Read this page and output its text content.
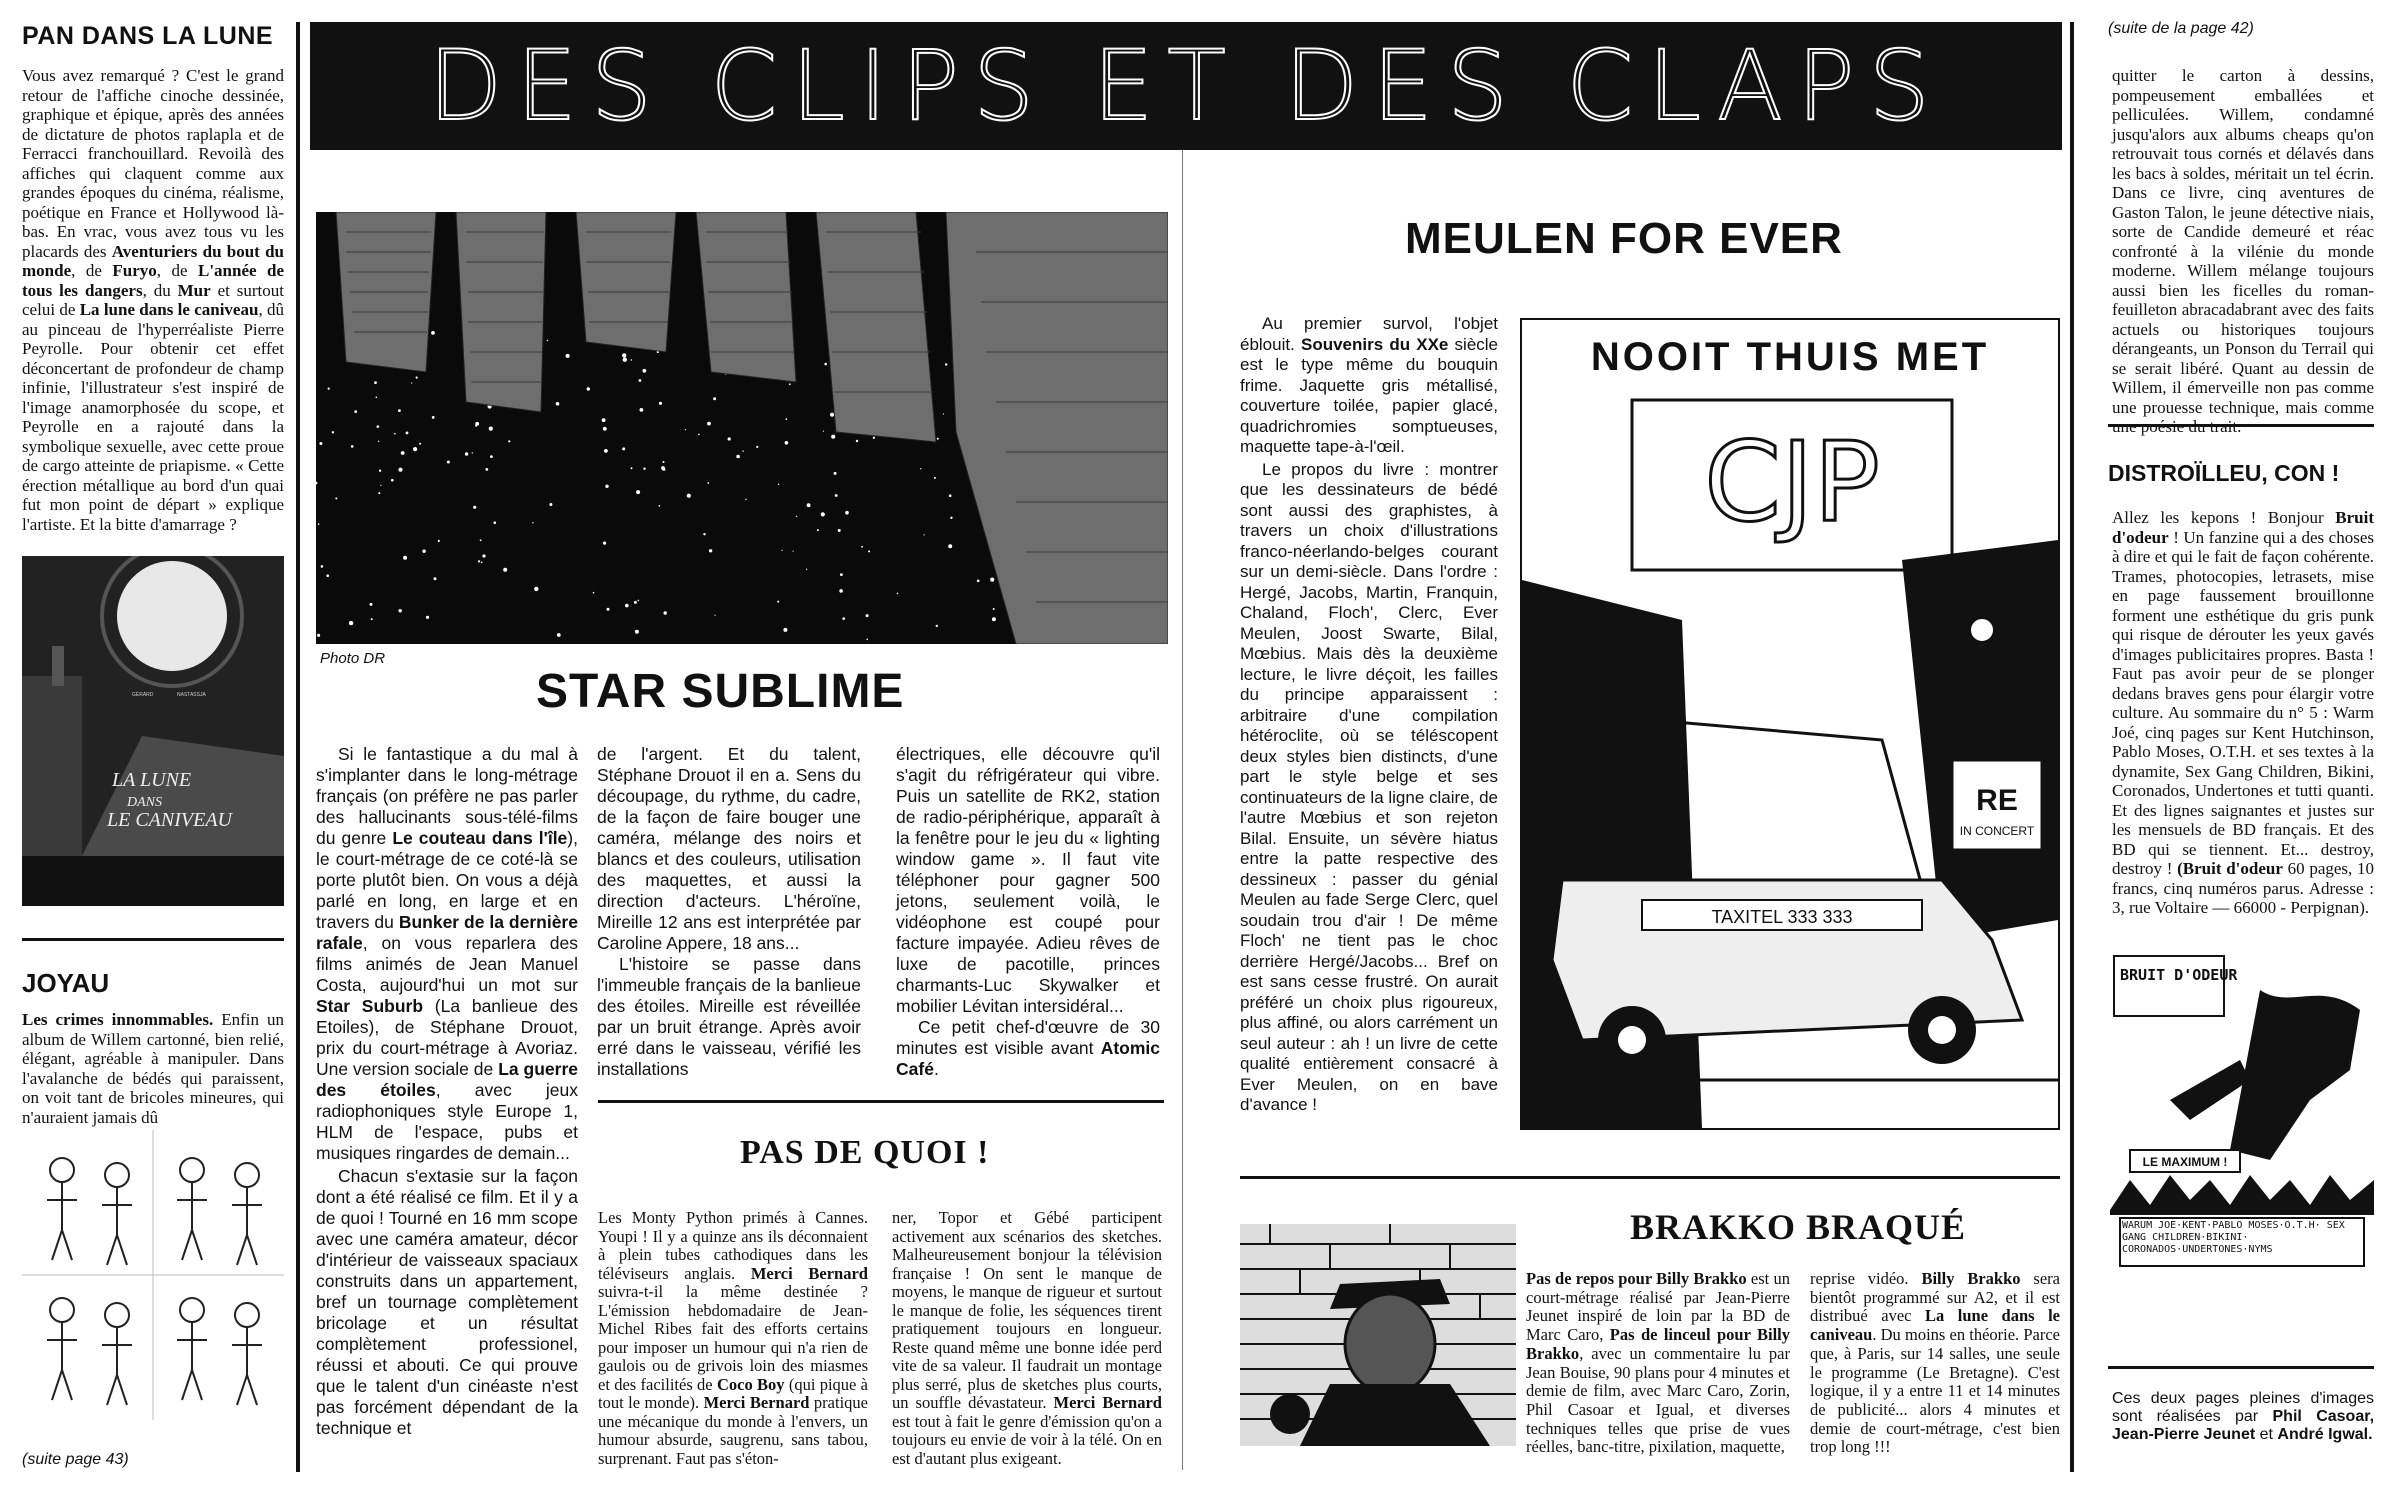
PAN DANS LA LUNE
Vous avez remarqué ? C'est le grand retour de l'affiche cinoche dessinée, graphique et épique, après des années de dictature de photos raplapla et de Ferracci franchouillard. Revoilà des affiches qui claquent comme aux grandes époques du cinéma, réalisme, poétique en France et Hollywood là-bas. En vrac, vous avez tous vu les placards des Aventuriers du bout du monde, de Furyo, de L'année de tous les dangers, du Mur et surtout celui de La lune dans le caniveau, dû au pinceau de l'hyperréaliste Pierre Peyrolle. Pour obtenir cet effet déconcertant de profondeur de champ infinie, l'illustrateur s'est inspiré de l'image anamorphosée du scope, et Peyrolle en a rajouté dans la symbolique sexuelle, avec cette proue de cargo atteinte de priapisme. « Cette érection métallique au bord d'un quai fut mon point de départ » explique l'artiste. Et la bitte d'amarrage ?
LA LUNE
DANS
LE CANIVEAU
GÉRARD	NASTASSJA
JOYAU
Les crimes innommables. Enfin un album de Willem cartonné, bien relié, élégant, agréable à manipuler. Dans l'avalanche de bédés qui paraissent, on voit tant de bricoles mineures, qui n'auraient jamais dû
(suite page 43)
DES CLIPS ET DES CLAPS
Photo DR
STAR SUBLIME

Si le fantastique a du mal à s'implanter dans le long-métrage français (on préfère ne pas parler des hallucinants sous-télé-films du genre Le couteau dans l'île), le court-métrage de ce coté-là se porte plutôt bien. On vous a déjà parlé en long, en large et en travers du Bunker de la dernière rafale, on vous reparlera des films animés de Jean Manuel Costa, aujourd'hui un mot sur Star Suburb (La banlieue des Etoiles), de Stéphane Drouot, prix du court-métrage à Avoriaz. Une version sociale de La guerre des étoiles, avec jeux radiophoniques style Europe 1, HLM de l'espace, pubs et musiques ringardes de demain...

Chacun s'extasie sur la façon dont a été réalisé ce film. Et il y a de quoi ! Tourné en 16 mm scope avec une caméra amateur, décor d'intérieur de vaisseaux spaciaux construits dans un appartement, bref un tournage complètement bricolage et un résultat complètement professionel, réussi et abouti. Ce qui prouve que le talent d'un cinéaste n'est pas forcément dépendant de la technique et

de l'argent. Et du talent, Stéphane Drouot il en a. Sens du découpage, du rythme, du cadre, de la façon de faire bouger une caméra, mélange des noirs et blancs et des couleurs, utilisation des maquettes, et aussi la direction d'acteurs. L'héroïne, Mireille 12 ans est interprétée par Caroline Appere, 18 ans...

L'histoire se passe dans l'immeuble français de la banlieue des étoiles. Mireille est réveillée par un bruit étrange. Après avoir erré dans le vaisseau, vérifié les installations

électriques, elle découvre qu'il s'agit du réfrigérateur qui vibre. Puis un satellite de RK2, station de radio-périphérique, apparaît à la fenêtre pour le jeu du « lighting window game ». Il faut vite téléphoner pour gagner 500 jetons, seulement voilà, le vidéophone est coupé pour facture impayée. Adieu rêves de luxe de pacotille, princes charmants-Luc Skywalker et mobilier Lévitan intersidéral...

Ce petit chef-d'œuvre de 30 minutes est visible avant Atomic Café.

PAS DE QUOI !
Les Monty Python primés à Cannes. Youpi ! Il y a quinze ans ils déconnaient à plein tubes cathodiques dans les téléviseurs anglais. Merci Bernard suivra-t-il la même destinée ? L'émission hebdomadaire de Jean-Michel Ribes fait des efforts certains pour imposer un humour qui n'a rien de gaulois ou de grivois loin des miasmes et des facilités de Coco Boy (qui pique à tout le monde). Merci Bernard pratique une mécanique du monde à l'envers, un humour absurde, saugrenu, sans tabou, surprenant. Faut pas s'éton-
ner, Topor et Gébé participent activement aux scénarios des sketches. Malheureusement bonjour la télévision française ! On sent le manque de moyens, le manque de rigueur et surtout le manque de folie, les séquences tirent pratiquement toujours en longueur. Reste quand même une bonne idée perd vite de sa valeur. Il faudrait un montage plus serré, plus de sketches plus courts, un souffle dévastateur. Merci Bernard est tout à fait le genre d'émission qu'on a toujours eu envie de voir à la télé. On en est d'autant plus exigeant.
MEULEN FOR EVER

Au premier survol, l'objet éblouit. Souvenirs du XXe siècle est le type même du bouquin frime. Jaquette gris métallisé, couverture toilée, papier glacé, quadrichromies somptueuses, maquette tape-à-l'œil.

Le propos du livre : montrer que les dessinateurs de bédé sont aussi des graphistes, à travers un choix d'illustrations franco-néerlando-belges courant sur un demi-siècle. Dans l'ordre : Hergé, Jacobs, Martin, Franquin, Chaland, Floch', Clerc, Ever Meulen, Joost Swarte, Bilal, Mœbius. Mais dès la deuxième lecture, le livre déçoit, les failles du principe apparaissent : arbitraire d'une compilation hétéroclite, où se téléscopent deux styles bien distincts, d'une part le style belge et ses continuateurs de la ligne claire, de l'autre Mœbius et son rejeton Bilal. Ensuite, un sévère hiatus entre la patte respective des dessineux : passer du génial Meulen au fade Serge Clerc, quel soudain trou d'air ! De même Floch' ne tient pas le choc derrière Hergé/Jacobs... Bref on est sans cesse frustré. On aurait préféré un choix plus rigoureux, plus affiné, ou alors carrément un seul auteur : ah ! un livre de cette qualité entièrement consacré à Ever Meulen, on en bave d'avance !

NOOIT THUIS MET
CJP
RE
IN CONCERT
TAXITEL 333 333
BRAKKO BRAQUÉ
Pas de repos pour Billy Brakko est un court-métrage réalisé par Jean-Pierre Jeunet inspiré de loin par la BD de Marc Caro, Pas de linceul pour Billy Brakko, avec un commentaire lu par Jean Bouise, 90 plans pour 4 minutes et demie de film, avec Marc Caro, Zorin, Phil Casoar et Igual, et diverses techniques telles que prise de vues réelles, banc-titre, pixilation, maquette,
reprise vidéo. Billy Brakko sera bientôt programmé sur A2, et il est distribué avec La lune dans le caniveau. Du moins en théorie. Parce que, à Paris, sur 14 salles, une seule le programme (Le Bretagne). C'est logique, il y a entre 11 et 14 minutes de publicité... alors 4 minutes et demie de court-métrage, c'est bien trop long !!!
(suite de la page 42)
quitter le carton à dessins, pompeusement emballées et pelliculées. Willem, condamné jusqu'alors aux albums cheaps qu'on retrouvait tous cornés et délavés dans les bacs à soldes, méritait un tel écrin. Dans ce livre, cinq aventures de Gaston Talon, le jeune détective niais, sorte de Candide demeuré et réac confronté à la vilénie du monde moderne. Willem mélange toujours aussi bien les ficelles du roman-feuilleton abracadabrant avec des faits actuels ou historiques toujours dérangeants, un Ponson du Terrail qui se serait libéré. Quant au dessin de Willem, il émerveille non pas comme une prouesse technique, mais comme
DISTROÏLLEU, CON !
Allez les kepons ! Bonjour Bruit d'odeur ! Un fanzine qui a des choses à dire et qui le fait de façon cohérente. Trames, photocopies, letrasets, mise en page faussement brouillonne forment une esthétique du gris punk qui risque de dérouter les yeux gavés d'images publicitaires propres. Basta ! Faut pas avoir peur de se plonger dedans braves gens pour élargir votre culture. Au sommaire du n° 5 : Warm Joé, cinq pages sur Kent Hutchinson, Pablo Moses, O.T.H. et ses textes à la dynamite, Sex Gang Children, Bikini, Coronados, Undertones et tutti quanti. Et des lignes saignantes et justes sur les mensuels de BD français. Et des BD qui se tiennent. Et... destroy, destroy ! (Bruit d'odeur 60 pages, 10 francs, cinq numéros parus. Adresse : 3, rue Voltaire — 66000 - Perpignan).
BRUIT D'ODEUR
LE MAXIMUM !
WARUM JOE·KENT·PABLO MOSES·O.T.H· SEX GANG CHILDREN·BIKINI· CORONADOS·UNDERTONES·NYMS
Ces deux pages pleines d'images sont réalisées par Phil Casoar, Jean-Pierre Jeunet et André Igwal.
